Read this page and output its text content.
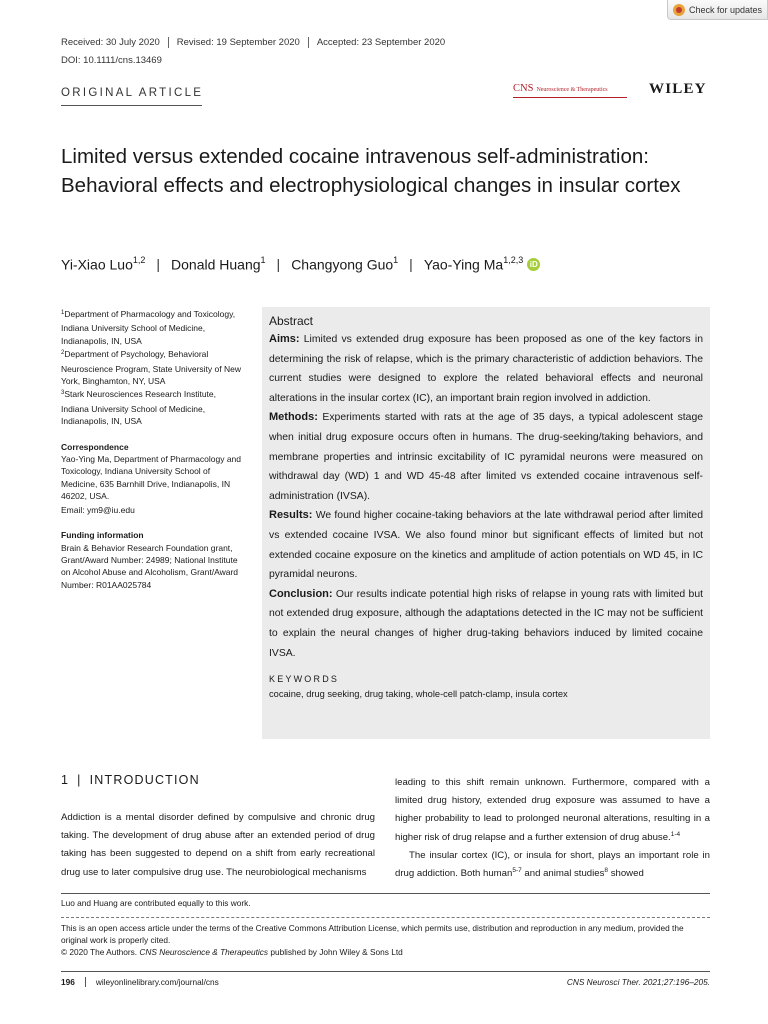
Check for updates
Received: 30 July 2020 Revised: 19 September 2020 Accepted: 23 September 2020
DOI: 10.1111/cns.13469
ORIGINAL ARTICLE	CNS Neuroscience & Therapeutics	WILEY
Limited versus extended cocaine intravenous self-administration: Behavioral effects and electrophysiological changes in insular cortex
Yi-Xiao Luo$^{1,2}$ | Donald Huang$^1$ | Changyong Guo$^1$ | Yao-Ying Ma$^{1,2,3}$ iD

$^1$Department of Pharmacology and Toxicology, Indiana University School of Medicine, Indianapolis, IN, USA

$^2$Department of Psychology, Behavioral Neuroscience Program, State University of New York, Binghamton, NY, USA

$^3$Stark Neurosciences Research Institute, Indiana University School of Medicine, Indianapolis, IN, USA

Correspondence

Yao-Ying Ma, Department of Pharmacology and Toxicology, Indiana University School of Medicine, 635 Barnhill Drive, Indianapolis, IN 46202, USA.

Email: ym9@iu.edu

Funding information

Brain & Behavior Research Foundation grant, Grant/Award Number: 24989; National Institute on Alcohol Abuse and Alcoholism, Grant/Award Number: R01AA025784

Abstract

Aims: Limited vs extended drug exposure has been proposed as one of the key factors in determining the risk of relapse, which is the primary characteristic of addiction behaviors. The current studies were designed to explore the related behavioral effects and neuronal alterations in the insular cortex (IC), an important brain region involved in addiction.

Methods: Experiments started with rats at the age of 35 days, a typical adolescent stage when initial drug exposure occurs often in humans. The drug-seeking/taking behaviors, and membrane properties and intrinsic excitability of IC pyramidal neurons were measured on withdrawal day (WD) 1 and WD 45-48 after limited vs extended cocaine intravenous self-administration (IVSA).

Results: We found higher cocaine-taking behaviors at the late withdrawal period after limited vs extended cocaine IVSA. We also found minor but significant effects of limited but not extended cocaine exposure on the kinetics and amplitude of action potentials on WD 45, in IC pyramidal neurons.

Conclusion: Our results indicate potential high risks of relapse in young rats with limited but not extended drug exposure, although the adaptations detected in the IC may not be sufficient to explain the neural changes of higher drug-taking behaviors induced by limited cocaine IVSA.

KEYWORDS
cocaine, drug seeking, drug taking, whole-cell patch-clamp, insula cortex
1 | INTRODUCTION

Addiction is a mental disorder defined by compulsive and chronic drug taking. The development of drug abuse after an extended period of drug taking has been suggested to depend on a shift from early recreational drug use to later compulsive drug use. The neurobiological mechanisms

leading to this shift remain unknown. Furthermore, compared with a limited drug history, extended drug exposure was assumed to have a higher probability to lead to prolonged neuronal alterations, resulting in a higher risk of drug relapse and a further extension of drug abuse.$^{1-4}$

The insular cortex (IC), or insula for short, plays an important role in drug addiction. Both human$^{5-7}$ and animal studies$^8$ showed

Luo and Huang are contributed equally to this work.
This is an open access article under the terms of the Creative Commons Attribution License, which permits use, distribution and reproduction in any medium, provided the original work is properly cited.
© 2020 The Authors. CNS Neuroscience & Therapeutics published by John Wiley & Sons Ltd
196	wileyonlinelibrary.com/journal/cns	CNS Neurosci Ther. 2021;27:196–205.
